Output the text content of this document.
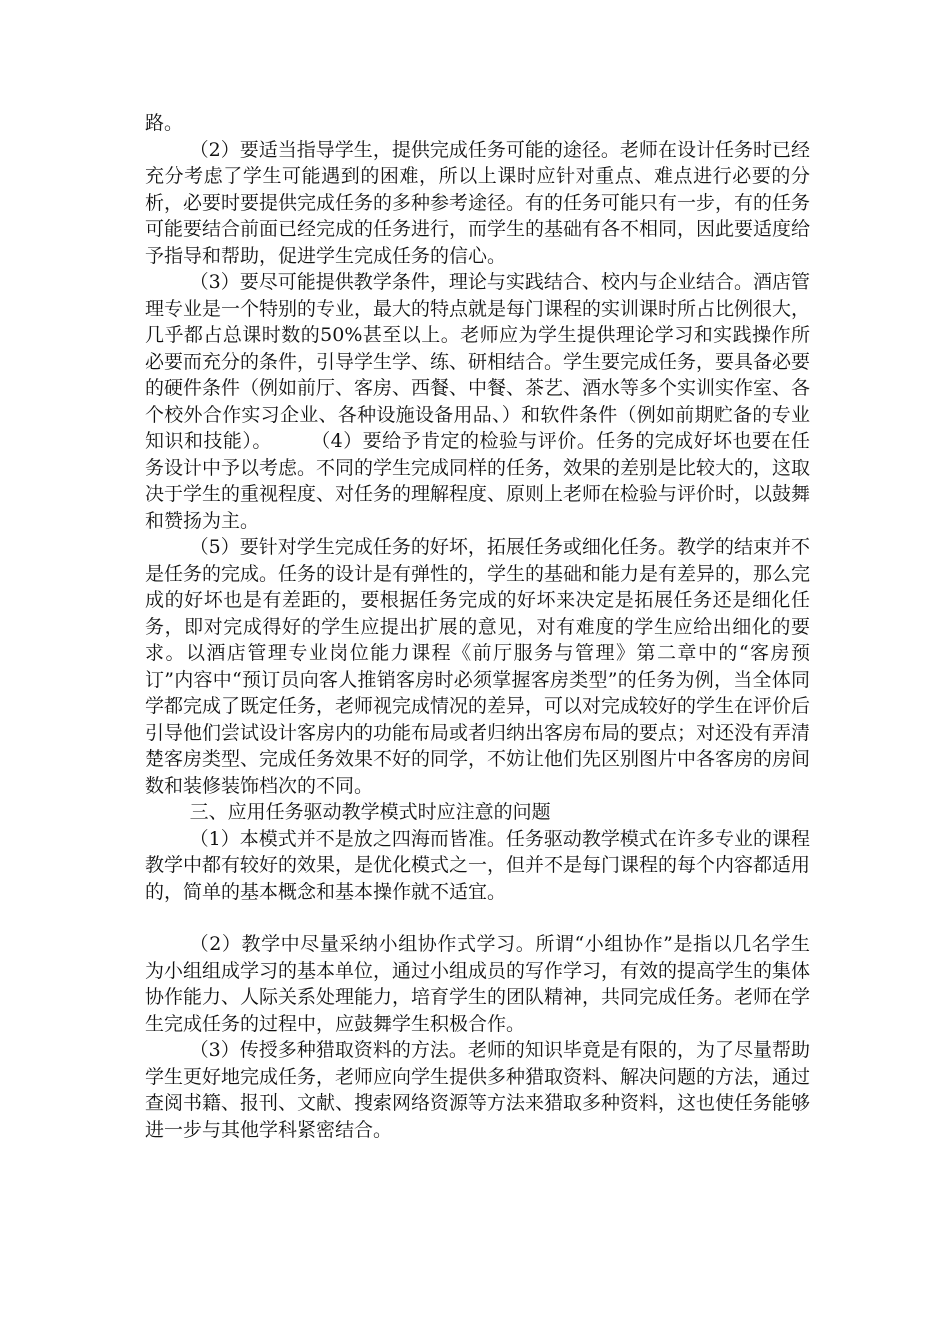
路。

（2）要适当指导学生，提供完成任务可能的途径。老师在设计任务时已经充分考虑了学生可能遇到的困难，所以上课时应针对重点、难点进行必要的分析，必要时要提供完成任务的多种参考途径。有的任务可能只有一步，有的任务可能要结合前面已经完成的任务进行，而学生的基础有各不相同，因此要适度给予指导和帮助，促进学生完成任务的信心。

（3）要尽可能提供教学条件，理论与实践结合、校内与企业结合。酒店管理专业是一个特别的专业，最大的特点就是每门课程的实训课时所占比例很大，几乎都占总课时数的50%甚至以上。老师应为学生提供理论学习和实践操作所必要而充分的条件，引导学生学、练、研相结合。学生要完成任务，要具备必要的硬件条件（例如前厅、客房、西餐、中餐、茶艺、酒水等多个实训实作室、各个校外合作实习企业、各种设施设备用品、）和软件条件（例如前期贮备的专业知识和技能）。　　　（4）要给予肯定的检验与评价。任务的完成好坏也要在任务设计中予以考虑。不同的学生完成同样的任务，效果的差别是比较大的，这取决于学生的重视程度、对任务的理解程度、原则上老师在检验与评价时，以鼓舞和赞扬为主。

（5）要针对学生完成任务的好坏，拓展任务或细化任务。教学的结束并不是任务的完成。任务的设计是有弹性的，学生的基础和能力是有差异的，那么完成的好坏也是有差距的，要根据任务完成的好坏来决定是拓展任务还是细化任务，即对完成得好的学生应提出扩展的意见，对有难度的学生应给出细化的要求。以酒店管理专业岗位能力课程《前厅服务与管理》第二章中的“客房预订”内容中“预订员向客人推销客房时必须掌握客房类型”的任务为例，当全体同学都完成了既定任务，老师视完成情况的差异，可以对完成较好的学生在评价后引导他们尝试设计客房内的功能布局或者归纳出客房布局的要点；对还没有弄清楚客房类型、完成任务效果不好的同学，不妨让他们先区别图片中各客房的房间数和装修装饰档次的不同。

三、应用任务驱动教学模式时应注意的问题

（1）本模式并不是放之四海而皆准。任务驱动教学模式在许多专业的课程教学中都有较好的效果，是优化模式之一，但并不是每门课程的每个内容都适用的，简单的基本概念和基本操作就不适宜。

（2）教学中尽量采纳小组协作式学习。所谓“小组协作”是指以几名学生为小组组成学习的基本单位，通过小组成员的写作学习，有效的提高学生的集体协作能力、人际关系处理能力，培育学生的团队精神，共同完成任务。老师在学生完成任务的过程中，应鼓舞学生积极合作。

（3）传授多种猎取资料的方法。老师的知识毕竟是有限的，为了尽量帮助学生更好地完成任务，老师应向学生提供多种猎取资料、解决问题的方法，通过查阅书籍、报刊、文献、搜索网络资源等方法来猎取多种资料，这也使任务能够进一步与其他学科紧密结合。
